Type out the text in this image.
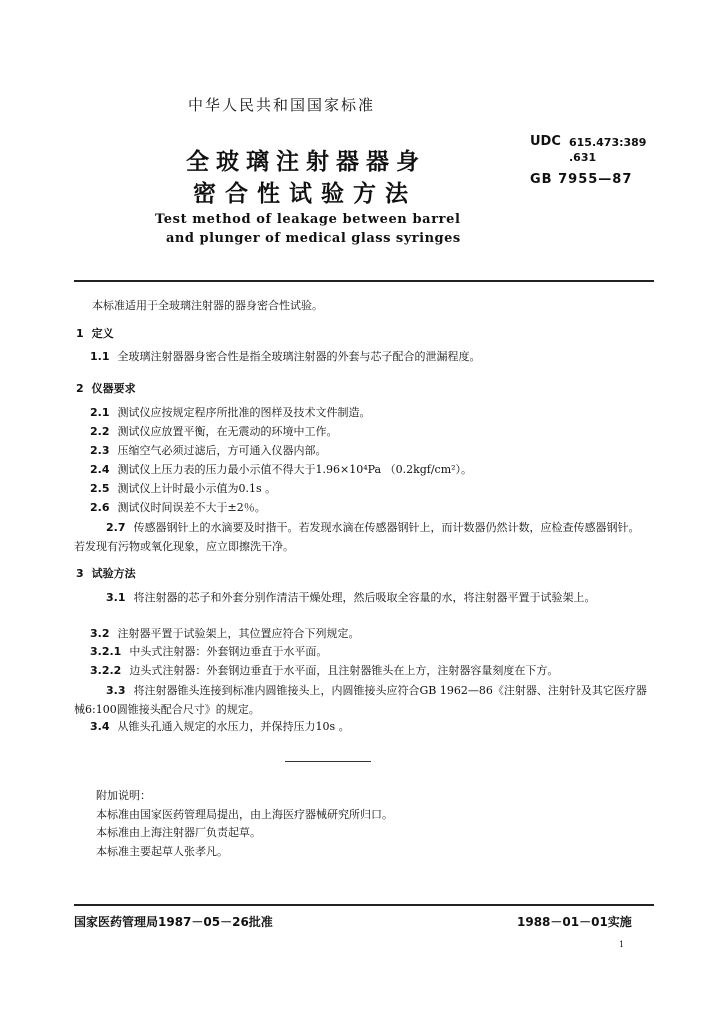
中华人民共和国国家标准
全玻璃注射器器身
密合性试验方法
Test method of leakage between barrel
and plunger of medical glass syringes
UDC 615.473:389
.631
GB 7955—87
本标准适用于全玻璃注射器的器身密合性试验。
1 定义
1.1 全玻璃注射器器身密合性是指全玻璃注射器的外套与芯子配合的泄漏程度。
2 仪器要求
2.1 测试仪应按规定程序所批准的图样及技术文件制造。
2.2 测试仪应放置平衡，在无震动的环境中工作。
2.3 压缩空气必须过滤后，方可通入仪器内部。
2.4 测试仪上压力表的压力最小示值不得大于1.96×10⁴Pa （0.2kgf/cm²）。
2.5 测试仪上计时最小示值为0.1s 。
2.6 测试仪时间误差不大于±2％。
2.7 传感器钢针上的水滴要及时揩干。若发现水滴在传感器钢针上，而计数器仍然计数，应检查传感器钢针。若发现有污物或氧化现象，应立即擦洗干净。
3 试验方法
3.1 将注射器的芯子和外套分别作清洁干燥处理，然后吸取全容量的水，将注射器平置于试验架上。
3.2 注射器平置于试验架上，其位置应符合下列规定。
3.2.1 中头式注射器：外套钢边垂直于水平面。
3.2.2 边头式注射器：外套钢边垂直于水平面，且注射器锥头在上方，注射器容量刻度在下方。
3.3 将注射器锥头连接到标准内圆锥接头上，内圆锥接头应符合GB 1962—86《注射器、注射针及其它医疗器械6:100圆锥接头配合尺寸》的规定。
3.4 从锥头孔通入规定的水压力，并保持压力10s 。
附加说明：
本标准由国家医药管理局提出，由上海医疗器械研究所归口。
本标准由上海注射器厂负责起草。
本标准主要起草人张孝凡。
国家医药管理局1987－05－26批准	1988－01－01实施
1
